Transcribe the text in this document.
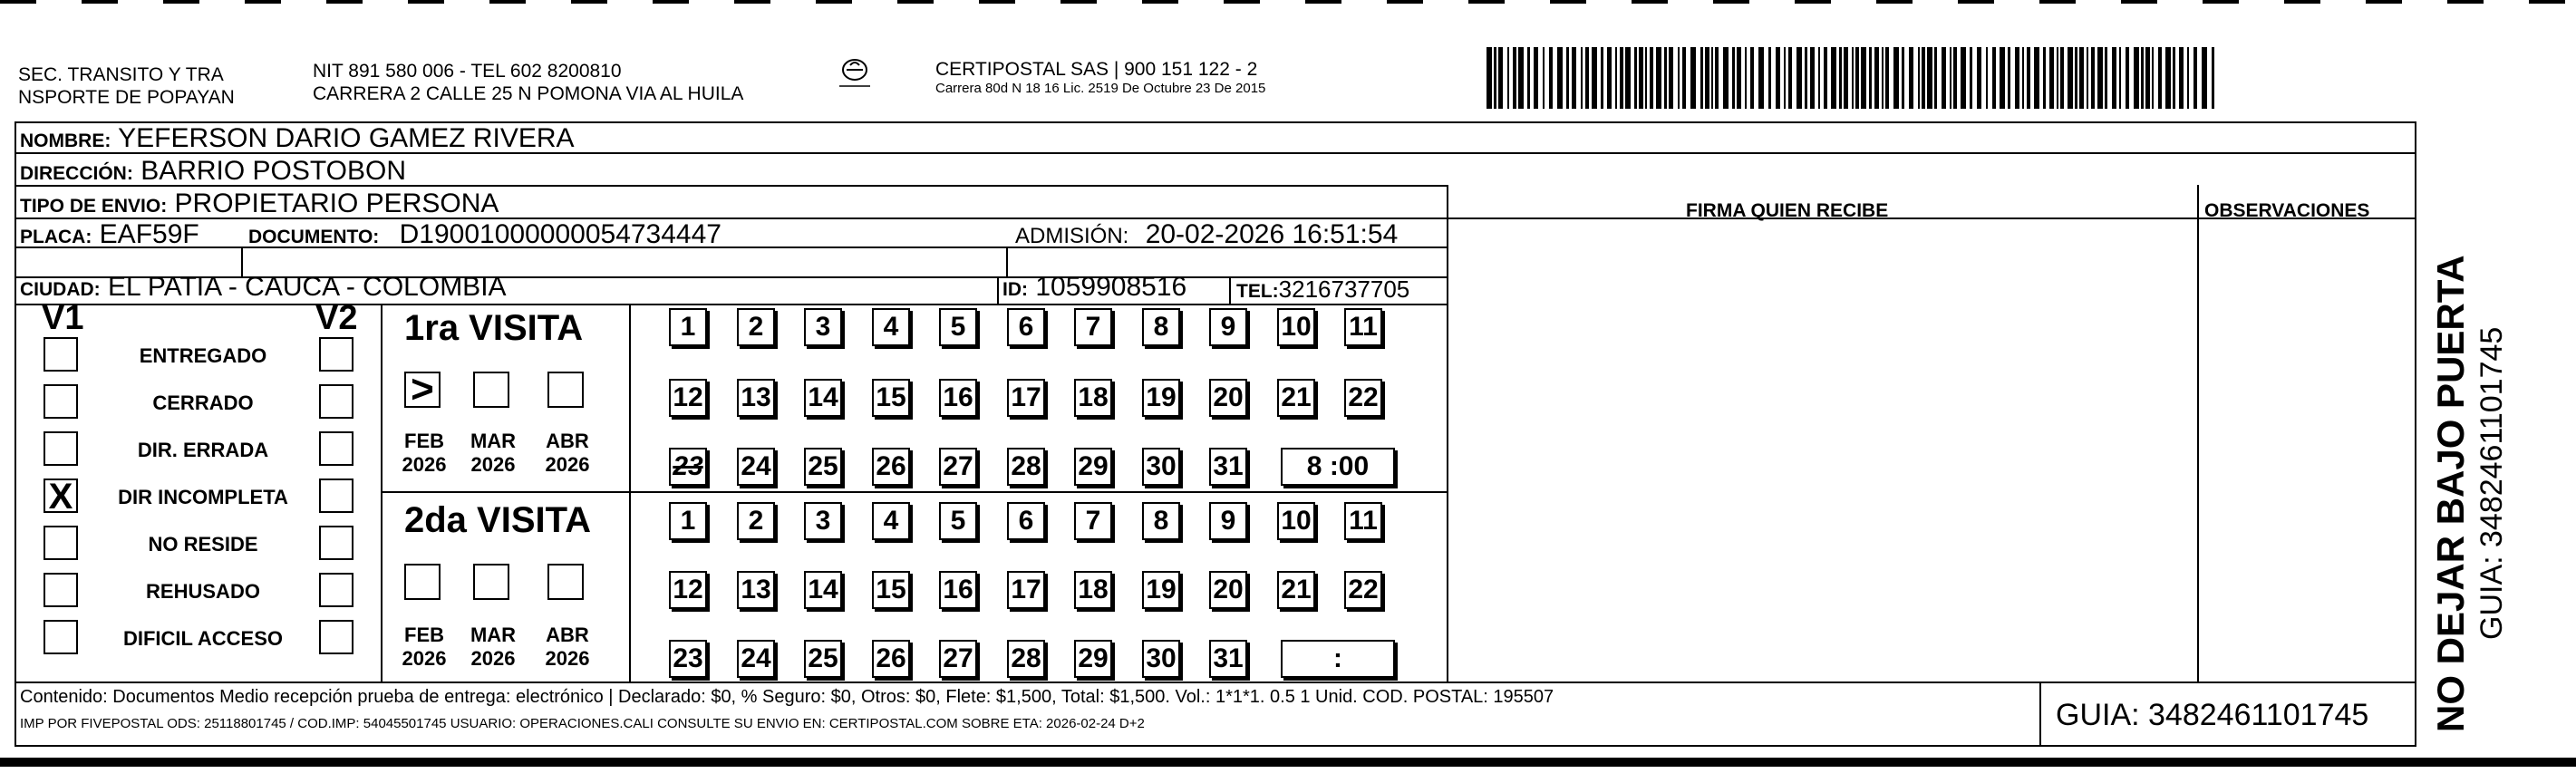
SEC. TRANSITO Y TRA
NSPORTE DE POPAYAN
NIT 891 580 006 - TEL 602 8200810
CARRERA 2 CALLE 25 N POMONA VIA AL HUILA
CERTIPOSTAL SAS | 900 151 122 - 2
Carrera 80d N 18 16 Lic. 2519 De Octubre 23 De 2015
NOMBRE: YEFERSON DARIO GAMEZ RIVERA
DIRECCIÓN: BARRIO POSTOBON
TIPO DE ENVIO: PROPIETARIO PERSONA	FIRMA QUIEN RECIBE	OBSERVACIONES
PLACA: EAF59F	DOCUMENTO: D19001000000054734447	ADMISIÓN: 20-02-2026 16:51:54
CIUDAD: EL PATIA - CAUCA - COLOMBIA	ID: 1059908516	TEL:3216737705
V1	V2
ENTREGADO
CERRADO
DIR. ERRADA
X	DIR INCOMPLETA
NO RESIDE
REHUSADO
DIFICIL ACCESO
1ra VISITA
2da VISITA
>
FEB
2026
MAR
2026
ABR
2026
FEB
2026
MAR
2026
ABR
2026
1	2	3	4	5	6	7	8	9	10 11
12 13 14 15 16 17 18 19 20 21 22
23 24 25 26 27 28 29 30 31	8 :00
1	2	3	4	5	6	7	8	9	10 11
12 13 14 15 16 17 18 19 20 21 22
23 24 25 26 27 28 29 30 31	:
Contenido: Documentos Medio recepción prueba de entrega: electrónico | Declarado: $0, % Seguro: $0, Otros: $0, Flete: $1,500, Total: $1,500. Vol.: 1*1*1. 0.5 1 Unid. COD. POSTAL: 195507
IMP POR FIVEPOSTAL ODS: 25118801745 / COD.IMP: 54045501745 USUARIO: OPERACIONES.CALI CONSULTE SU ENVIO EN: CERTIPOSTAL.COM SOBRE ETA: 2026-02-24 D+2	GUIA: 3482461101745 NO DEJAR BAJO PUERTA GUIA: 3482461101745
